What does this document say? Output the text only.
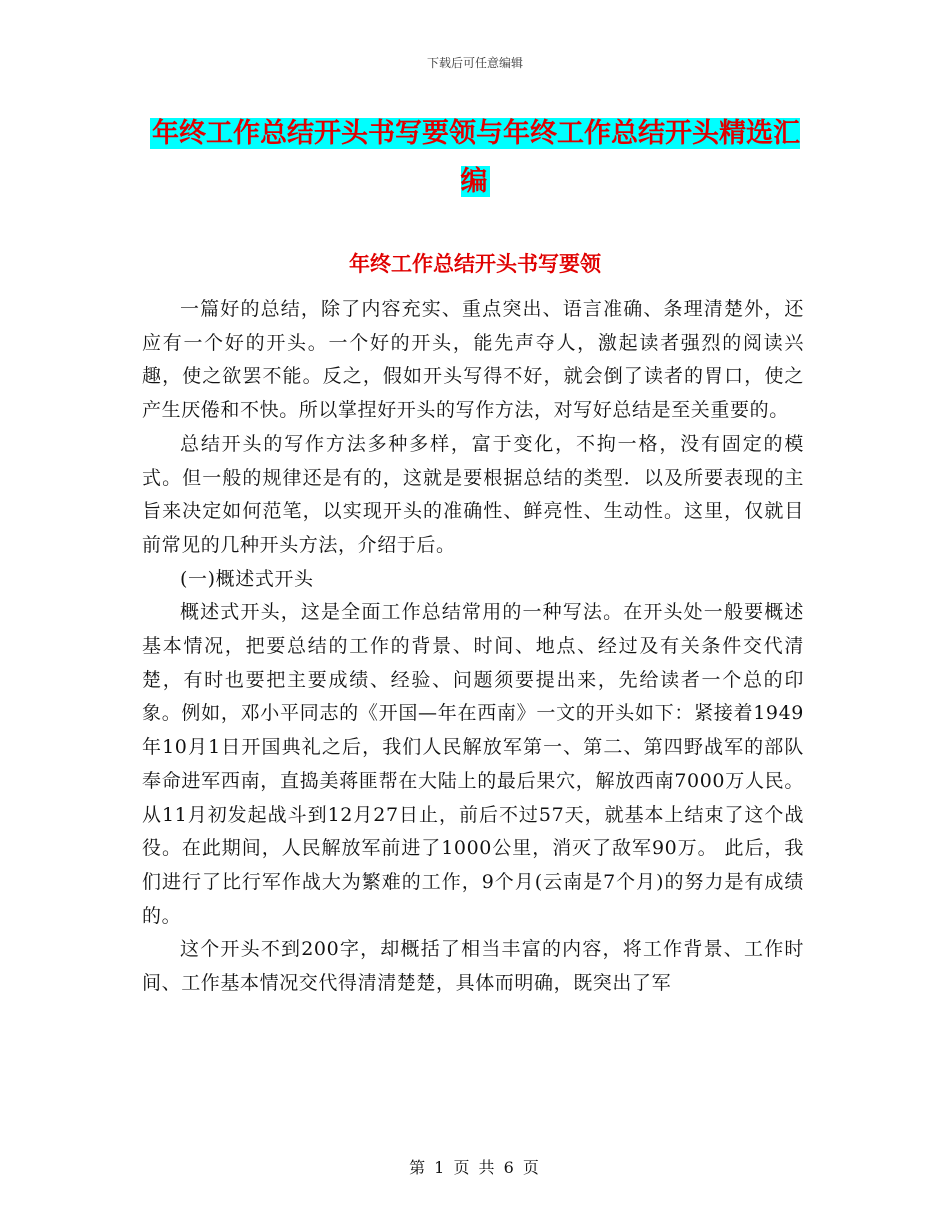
下载后可任意编辑
年终工作总结开头书写要领与年终工作总结开头精选汇编
年终工作总结开头书写要领

一篇好的总结，除了内容充实、重点突出、语言准确、条理清楚外，还应有一个好的开头。一个好的开头，能先声夺人，激起读者强烈的阅读兴趣，使之欲罢不能。反之，假如开头写得不好，就会倒了读者的胃口，使之产生厌倦和不快。所以掌捏好开头的写作方法，对写好总结是至关重要的。

总结开头的写作方法多种多样，富于变化，不拘一格，没有固定的模式。但一般的规律还是有的，这就是要根据总结的类型．以及所要表现的主旨来决定如何范笔，以实现开头的准确性、鲜亮性、生动性。这里，仅就目前常见的几种开头方法，介绍于后。

(一)概述式开头

概述式开头，这是全面工作总结常用的一种写法。在开头处一般要概述基本情况，把要总结的工作的背景、时间、地点、经过及有关条件交代清楚，有时也要把主要成绩、经验、问题须要提出来，先给读者一个总的印象。例如，邓小平同志的《开国—年在西南》一文的开头如下：紧接着1949年10月1日开国典礼之后，我们人民解放军第一、第二、第四野战军的部队奉命进军西南，直捣美蒋匪帮在大陆上的最后果穴，解放西南7000万人民。从11月初发起战斗到12月27日止，前后不过57天，就基本上结束了这个战役。在此期间，人民解放军前进了1000公里，消灭了敌军90万。 此后，我们进行了比行军作战大为繁难的工作，9个月(云南是7个月)的努力是有成绩的。

这个开头不到200字，却概括了相当丰富的内容，将工作背景、工作时间、工作基本情况交代得清清楚楚，具体而明确，既突出了军

第 1 页 共 6 页
